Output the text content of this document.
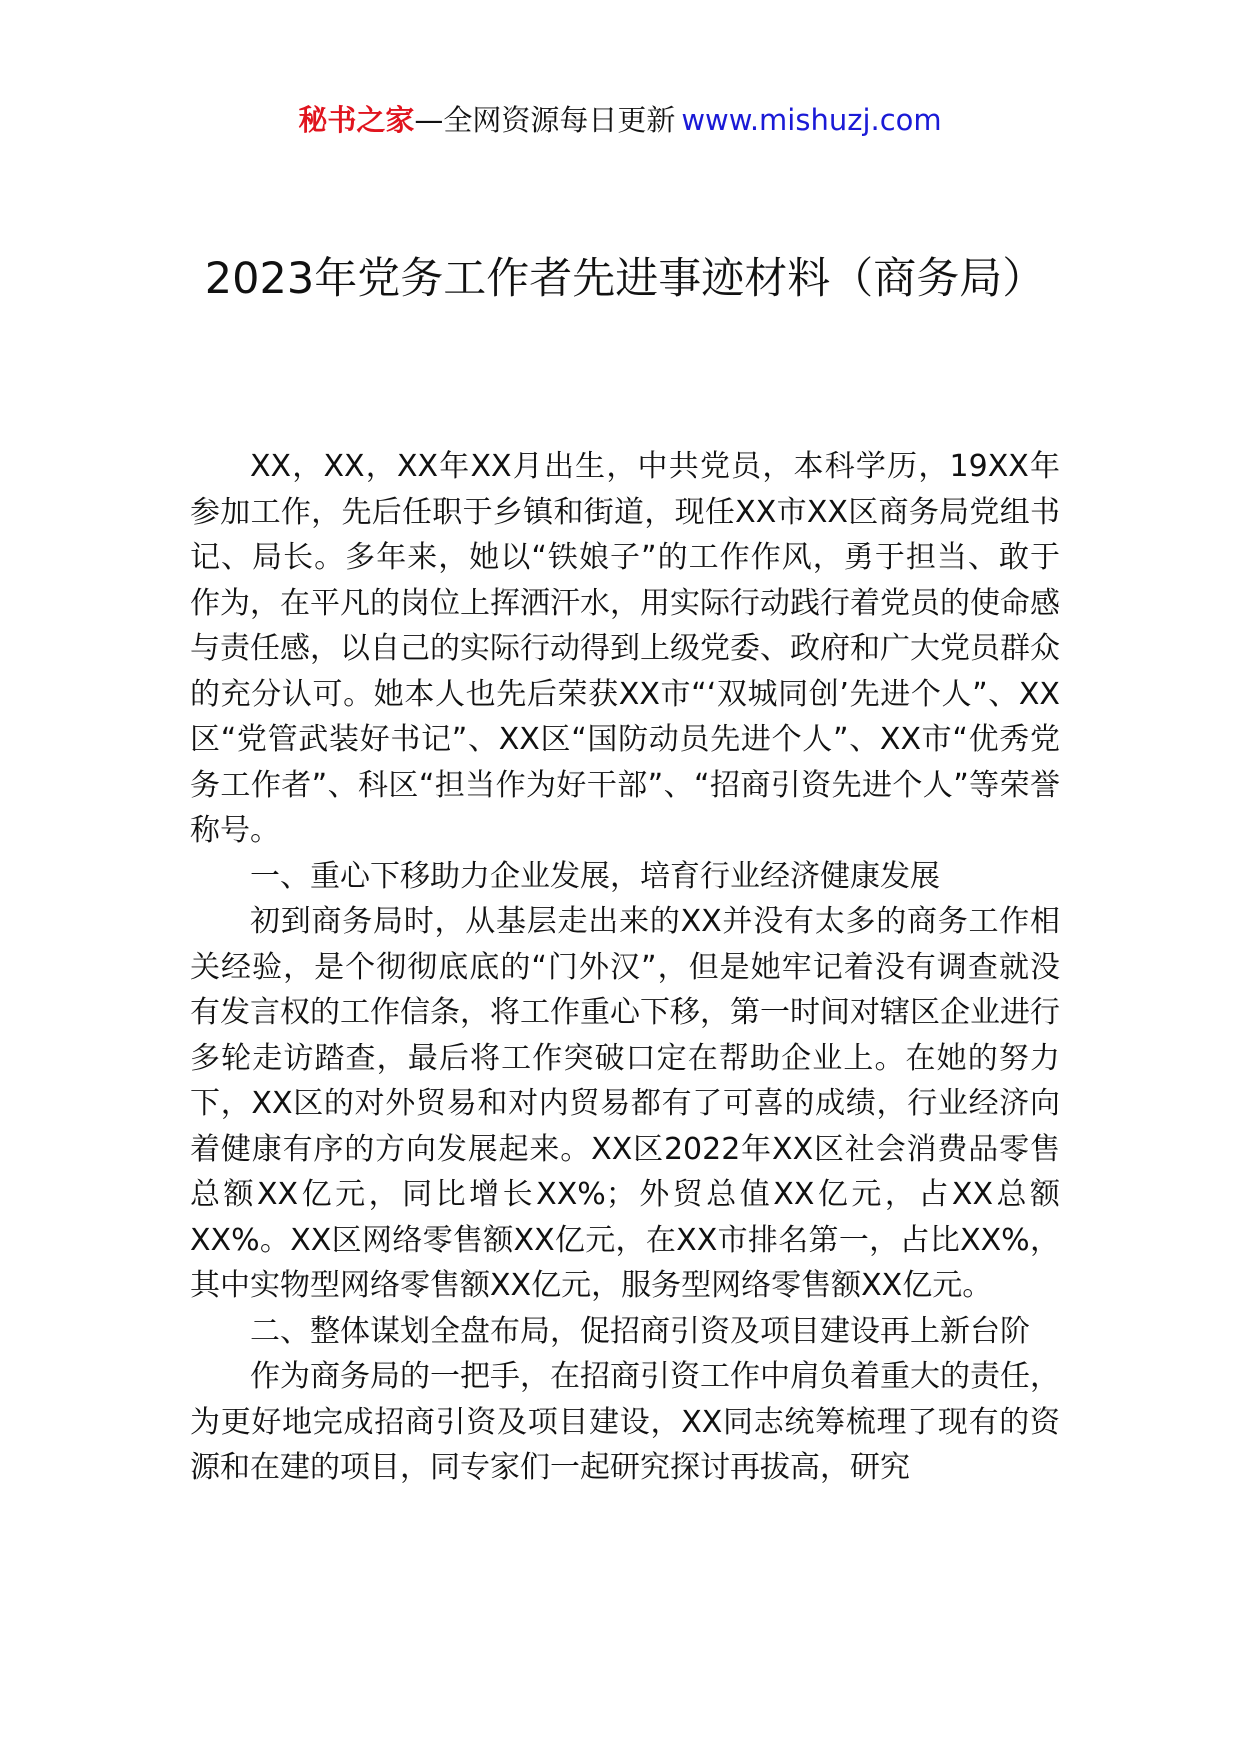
秘书之家—全网资源每日更新 www.mishuzj.com
2023年党务工作者先进事迹材料（商务局）

XX，XX，XX年XX月出生，中共党员，本科学历，19XX年参加工作，先后任职于乡镇和街道，现任XX市XX区商务局党组书记、局长。多年来，她以“铁娘子”的工作作风，勇于担当、敢于作为，在平凡的岗位上挥洒汗水，用实际行动践行着党员的使命感与责任感，以自己的实际行动得到上级党委、政府和广大党员群众的充分认可。她本人也先后荣获XX市“‘双城同创’先进个人”、XX区“党管武装好书记”、XX区“国防动员先进个人”、XX市“优秀党务工作者”、科区“担当作为好干部”、“招商引资先进个人”等荣誉称号。

一、重心下移助力企业发展，培育行业经济健康发展

初到商务局时，从基层走出来的XX并没有太多的商务工作相关经验，是个彻彻底底的“门外汉”，但是她牢记着没有调查就没有发言权的工作信条，将工作重心下移，第一时间对辖区企业进行多轮走访踏查，最后将工作突破口定在帮助企业上。在她的努力下，XX区的对外贸易和对内贸易都有了可喜的成绩，行业经济向着健康有序的方向发展起来。XX区2022年XX区社会消费品零售总额XX亿元，同比增长XX%；外贸总值XX亿元，占XX总额XX%。XX区网络零售额XX亿元，在XX市排名第一，占比XX%，其中实物型网络零售额XX亿元，服务型网络零售额XX亿元。

二、整体谋划全盘布局，促招商引资及项目建设再上新台阶

作为商务局的一把手，在招商引资工作中肩负着重大的责任，为更好地完成招商引资及项目建设，XX同志统筹梳理了现有的资源和在建的项目，同专家们一起研究探讨再拔高，研究
